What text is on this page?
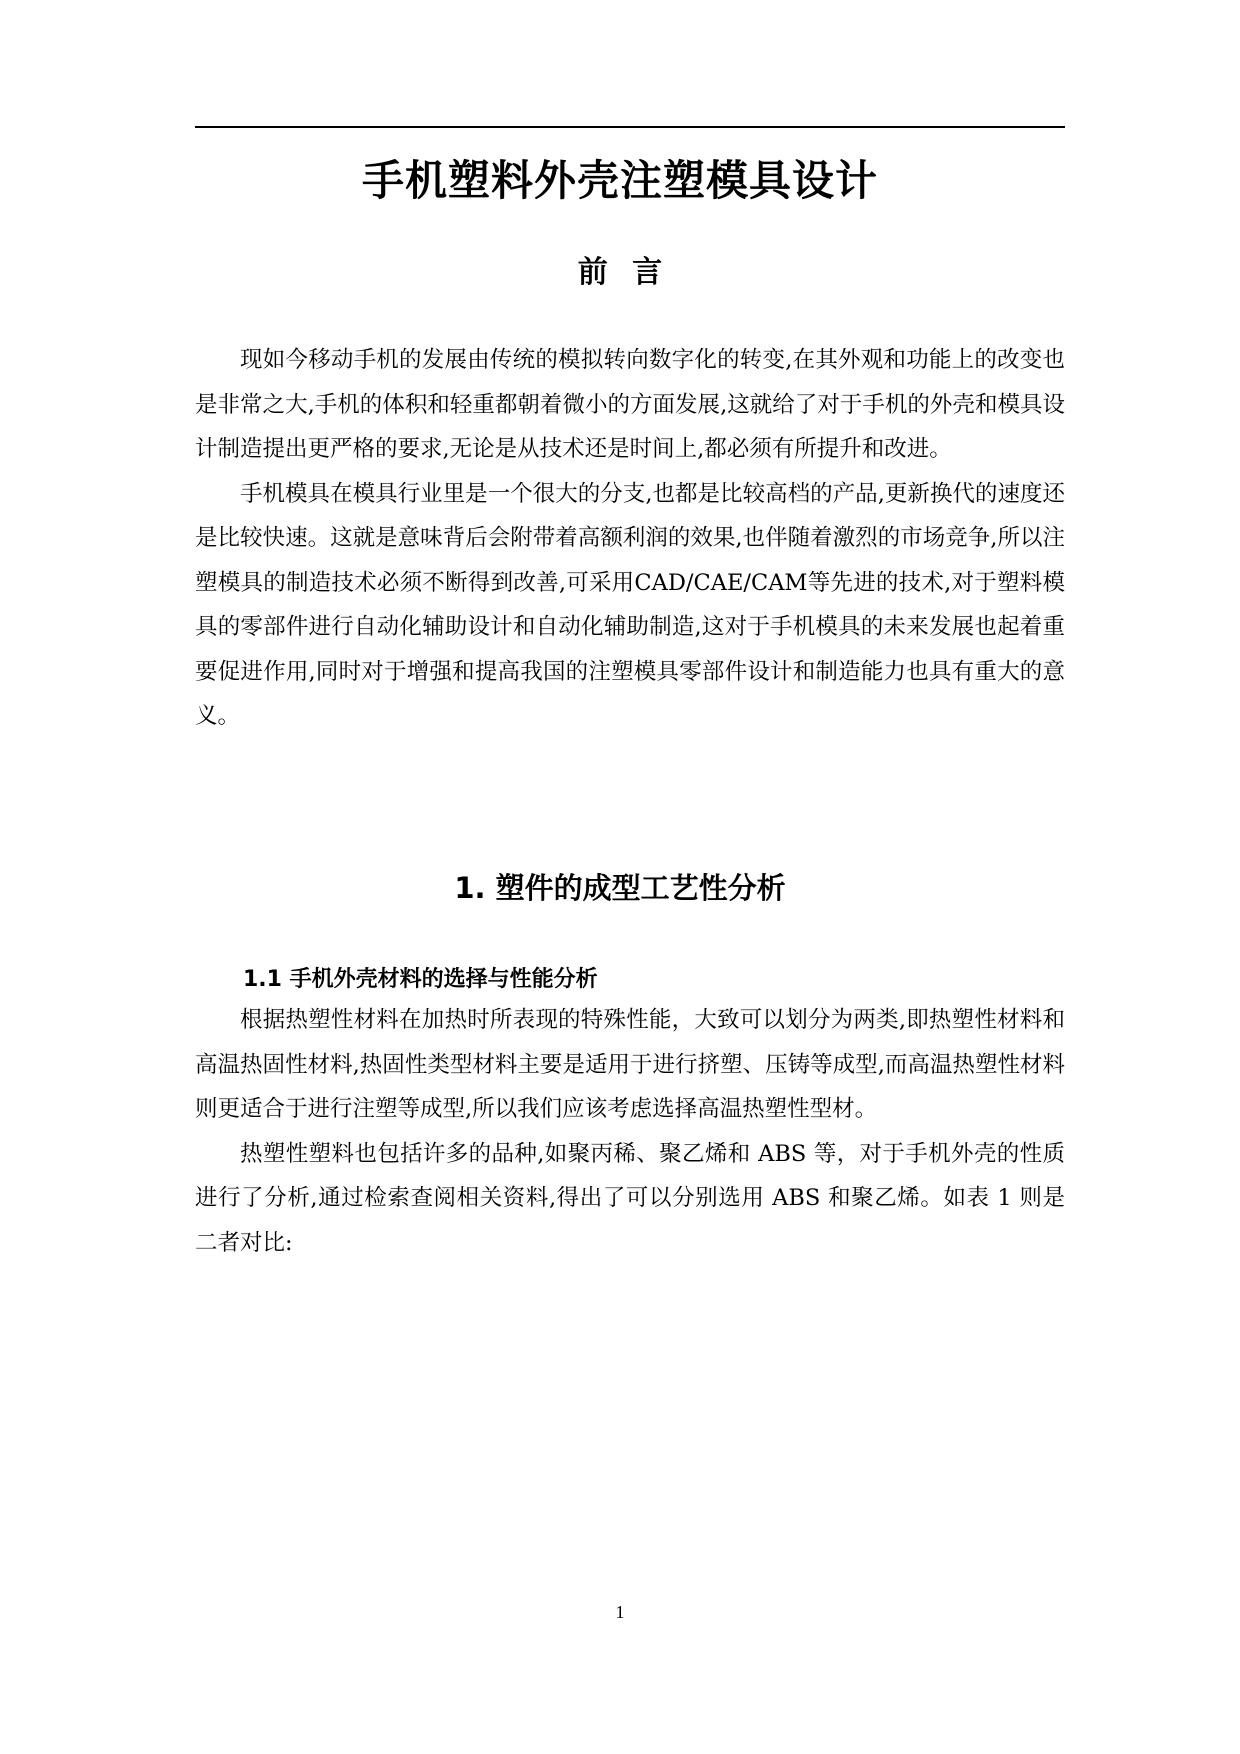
手机塑料外壳注塑模具设计
前 言

现如今移动手机的发展由传统的模拟转向数字化的转变,在其外观和功能上的改变也是非常之大,手机的体积和轻重都朝着微小的方面发展,这就给了对于手机的外壳和模具设计制造提出更严格的要求,无论是从技术还是时间上,都必须有所提升和改进。

手机模具在模具行业里是一个很大的分支,也都是比较高档的产品,更新换代的速度还是比较快速。这就是意味背后会附带着高额利润的效果,也伴随着激烈的市场竞争,所以注塑模具的制造技术必须不断得到改善,可采用CAD/CAE/CAM等先进的技术,对于塑料模具的零部件进行自动化辅助设计和自动化辅助制造,这对于手机模具的未来发展也起着重要促进作用,同时对于增强和提高我国的注塑模具零部件设计和制造能力也具有重大的意义。

1. 塑件的成型工艺性分析
1.1 手机外壳材料的选择与性能分析

根据热塑性材料在加热时所表现的特殊性能，大致可以划分为两类,即热塑性材料和高温热固性材料,热固性类型材料主要是适用于进行挤塑、压铸等成型,而高温热塑性材料则更适合于进行注塑等成型,所以我们应该考虑选择高温热塑性型材。

热塑性塑料也包括许多的品种,如聚丙稀、聚乙烯和 ABS 等，对于手机外壳的性质进行了分析,通过检索查阅相关资料,得出了可以分别选用 ABS 和聚乙烯。如表 1 则是二者对比:

1
